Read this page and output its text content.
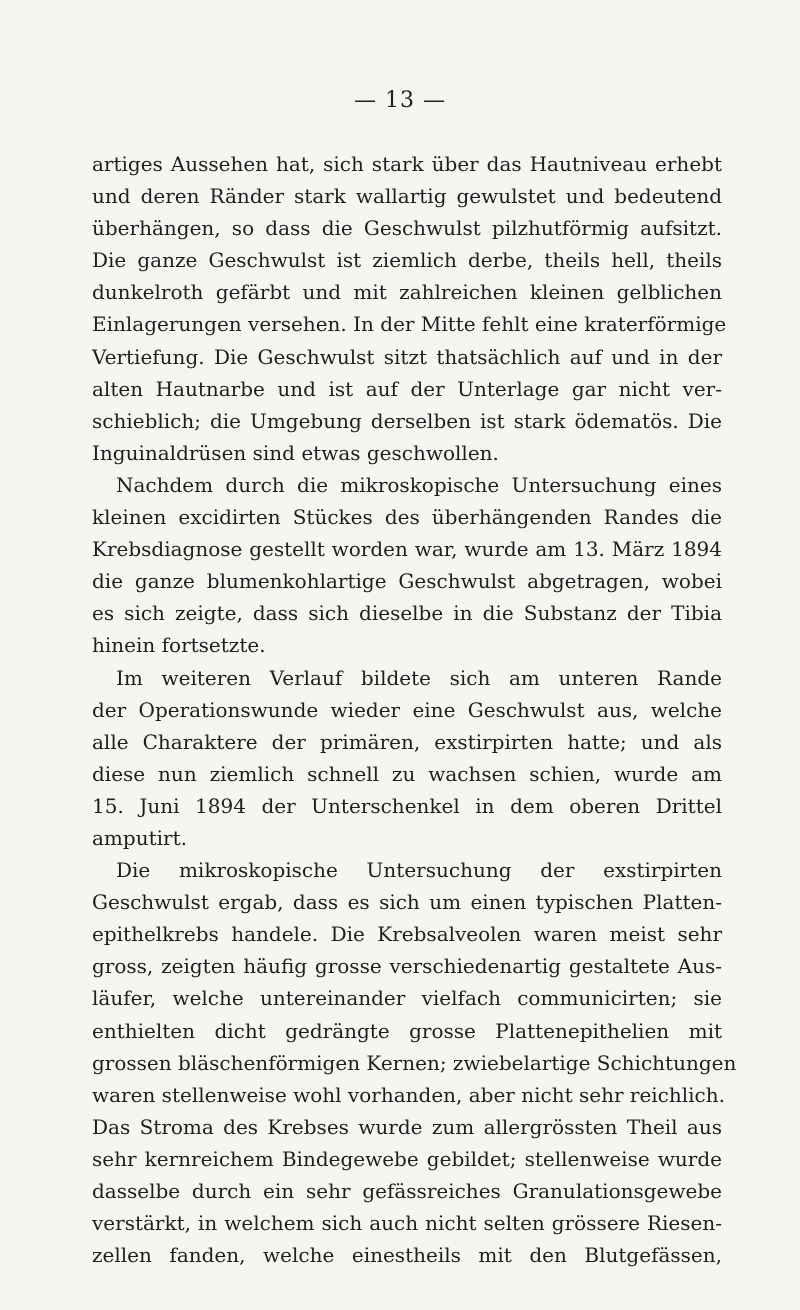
— 13 —
artiges Aussehen hat, sich stark über das Hautniveau erhebt
und deren Ränder stark wallartig gewulstet und bedeutend
überhängen, so dass die Geschwulst pilzhutförmig aufsitzt.
Die ganze Geschwulst ist ziemlich derbe, theils hell, theils
dunkelroth gefärbt und mit zahlreichen kleinen gelblichen
Einlagerungen versehen. In der Mitte fehlt eine kraterförmige
Vertiefung. Die Geschwulst sitzt thatsächlich auf und in der
alten Hautnarbe und ist auf der Unterlage gar nicht ver-
schieblich; die Umgebung derselben ist stark ödematös. Die
Inguinaldrüsen sind etwas geschwollen.
Nachdem durch die mikroskopische Untersuchung eines
kleinen excidirten Stückes des überhängenden Randes die
Krebsdiagnose gestellt worden war, wurde am 13. März 1894
die ganze blumenkohlartige Geschwulst abgetragen, wobei
es sich zeigte, dass sich dieselbe in die Substanz der Tibia
hinein fortsetzte.
Im weiteren Verlauf bildete sich am unteren Rande
der Operationswunde wieder eine Geschwulst aus, welche
alle Charaktere der primären, exstirpirten hatte; und als
diese nun ziemlich schnell zu wachsen schien, wurde am
15. Juni 1894 der Unterschenkel in dem oberen Drittel
amputirt.
Die mikroskopische Untersuchung der exstirpirten
Geschwulst ergab, dass es sich um einen typischen Platten-
epithelkrebs handele. Die Krebsalveolen waren meist sehr
gross, zeigten häufig grosse verschiedenartig gestaltete Aus-
läufer, welche untereinander vielfach communicirten; sie
enthielten dicht gedrängte grosse Plattenepithelien mit
grossen bläschenförmigen Kernen; zwiebelartige Schichtungen
waren stellenweise wohl vorhanden, aber nicht sehr reichlich.
Das Stroma des Krebses wurde zum allergrössten Theil aus
sehr kernreichem Bindegewebe gebildet; stellenweise wurde
dasselbe durch ein sehr gefässreiches Granulationsgewebe
verstärkt, in welchem sich auch nicht selten grössere Riesen-
zellen fanden, welche einestheils mit den Blutgefässen,
